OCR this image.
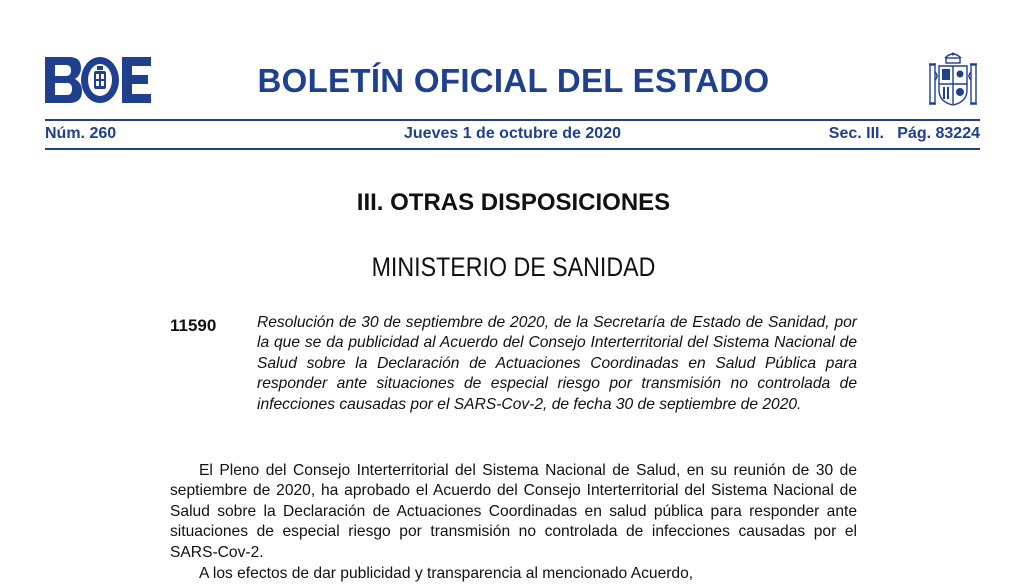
BOLETÍN OFICIAL DEL ESTADO
Núm. 260	Jueves 1 de octubre de 2020	Sec. III.   Pág. 83224
III. OTRAS DISPOSICIONES
MINISTERIO DE SANIDAD
11590	Resolución de 30 de septiembre de 2020, de la Secretaría de Estado de Sanidad, por la que se da publicidad al Acuerdo del Consejo Interterritorial del Sistema Nacional de Salud sobre la Declaración de Actuaciones Coordinadas en Salud Pública para responder ante situaciones de especial riesgo por transmisión no controlada de infecciones causadas por el SARS-Cov-2, de fecha 30 de septiembre de 2020.
El Pleno del Consejo Interterritorial del Sistema Nacional de Salud, en su reunión de 30 de septiembre de 2020, ha aprobado el Acuerdo del Consejo Interterritorial del Sistema Nacional de Salud sobre la Declaración de Actuaciones Coordinadas en salud pública para responder ante situaciones de especial riesgo por transmisión no controlada de infecciones causadas por el SARS-Cov-2.
A los efectos de dar publicidad y transparencia al mencionado Acuerdo,
